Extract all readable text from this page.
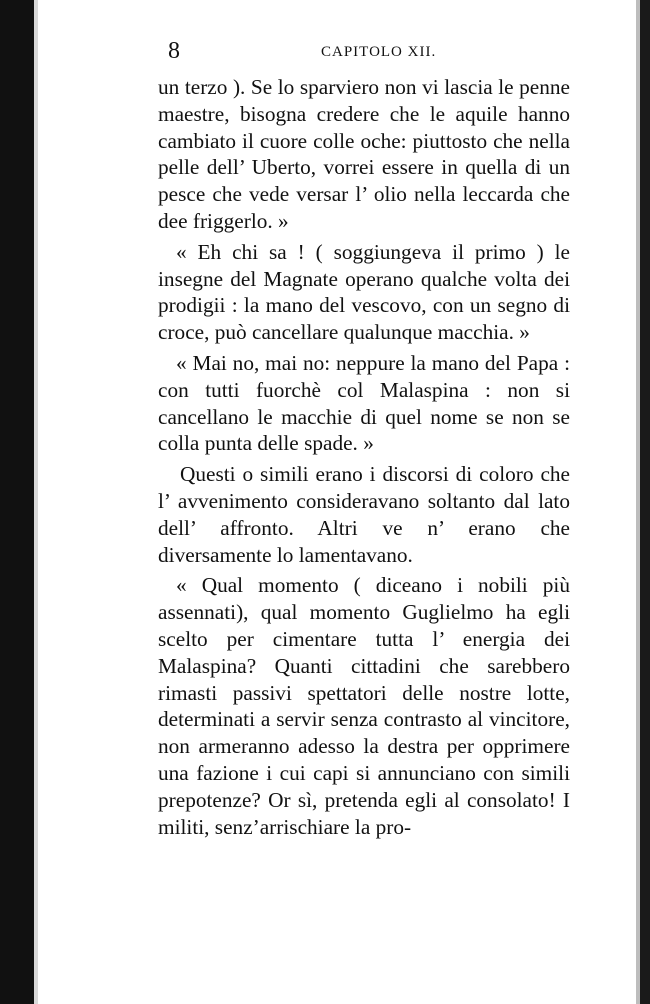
8	CAPITOLO XII.

un terzo ). Se lo sparviero non vi lascia le penne maestre, bisogna credere che le aquile hanno cambiato il cuore colle oche: piuttosto che nella pelle dell’ Uberto, vorrei essere in quella di un pesce che vede versar l’ olio nella leccarda che dee friggerlo. »

« Eh chi sa ! ( soggiungeva il primo ) le insegne del Magnate operano qualche volta dei prodigii : la mano del vescovo, con un segno di croce, può cancellare qualunque macchia. »

« Mai no, mai no: neppure la mano del Papa : con tutti fuorchè col Malaspina : non si cancellano le macchie di quel nome se non se colla punta delle spade. »

Questi o simili erano i discorsi di coloro che l’ avvenimento consideravano soltanto dal lato dell’ affronto. Altri ve n’ erano che diversamente lo lamentavano.

« Qual momento ( diceano i nobili più assennati), qual momento Guglielmo ha egli scelto per cimentare tutta l’ energia dei Malaspina? Quanti cittadini che sarebbero rimasti passivi spettatori delle nostre lotte, determinati a servir senza contrasto al vincitore, non armeranno adesso la destra per opprimere una fazione i cui capi si annunciano con simili prepotenze? Or sì, pretenda egli al consolato! I militi, senz’arrischiare la pro-
